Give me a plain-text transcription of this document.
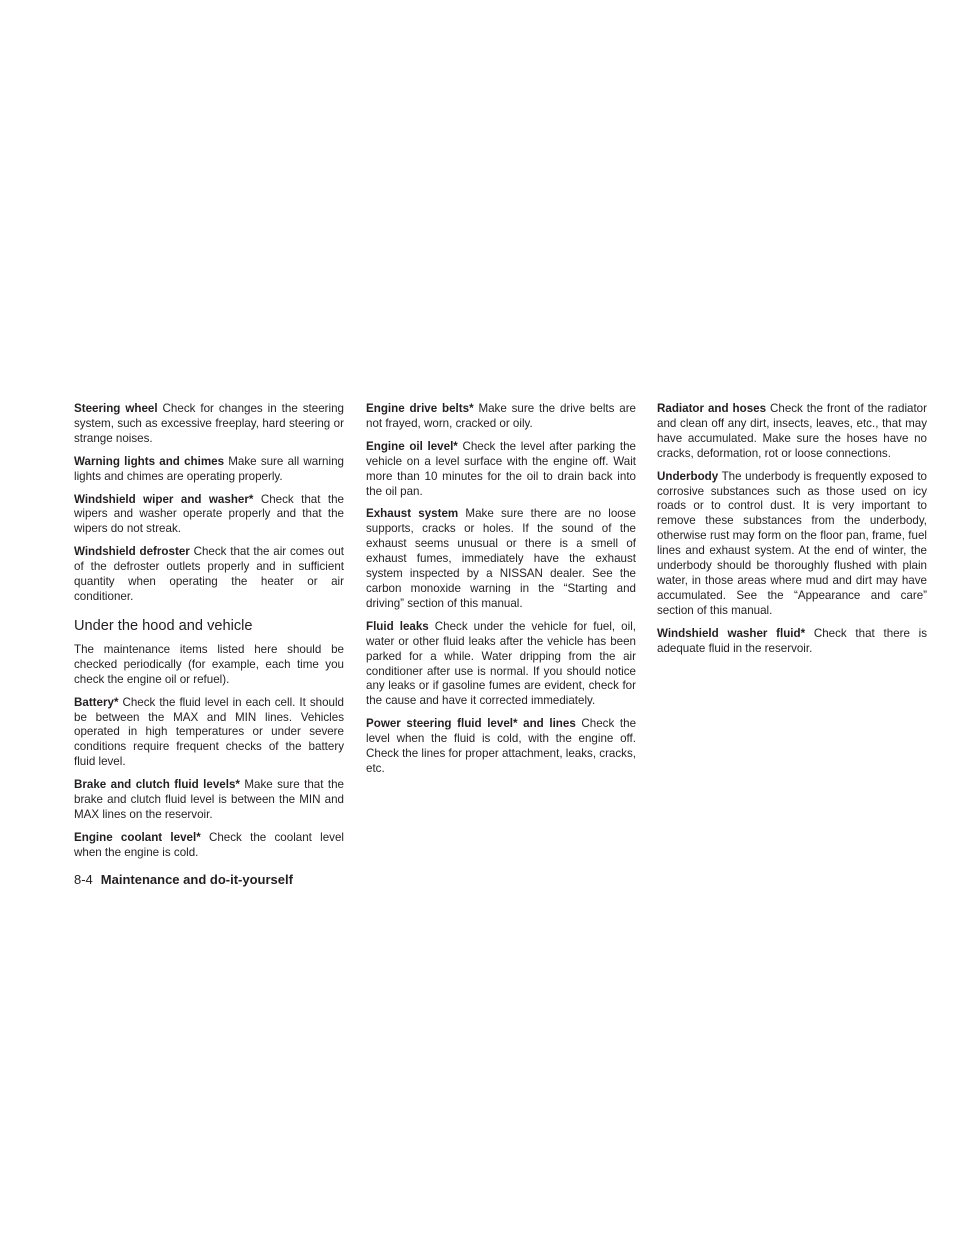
Steering wheel Check for changes in the steering system, such as excessive freeplay, hard steering or strange noises.

Warning lights and chimes Make sure all warning lights and chimes are operating properly.

Windshield wiper and washer* Check that the wipers and washer operate properly and that the wipers do not streak.

Windshield defroster Check that the air comes out of the defroster outlets properly and in sufficient quantity when operating the heater or air conditioner.

Under the hood and vehicle

The maintenance items listed here should be checked periodically (for example, each time you check the engine oil or refuel).

Battery* Check the fluid level in each cell. It should be between the MAX and MIN lines. Vehicles operated in high temperatures or under severe conditions require frequent checks of the battery fluid level.

Brake and clutch fluid levels* Make sure that the brake and clutch fluid level is between the MIN and MAX lines on the reservoir.

Engine coolant level* Check the coolant level when the engine is cold.

Engine drive belts* Make sure the drive belts are not frayed, worn, cracked or oily.

Engine oil level* Check the level after parking the vehicle on a level surface with the engine off. Wait more than 10 minutes for the oil to drain back into the oil pan.

Exhaust system Make sure there are no loose supports, cracks or holes. If the sound of the exhaust seems unusual or there is a smell of exhaust fumes, immediately have the exhaust system inspected by a NISSAN dealer. See the carbon monoxide warning in the “Starting and driving” section of this manual.

Fluid leaks Check under the vehicle for fuel, oil, water or other fluid leaks after the vehicle has been parked for a while. Water dripping from the air conditioner after use is normal. If you should notice any leaks or if gasoline fumes are evident, check for the cause and have it corrected immediately.

Power steering fluid level* and lines Check the level when the fluid is cold, with the engine off. Check the lines for proper attachment, leaks, cracks, etc.

Radiator and hoses Check the front of the radiator and clean off any dirt, insects, leaves, etc., that may have accumulated. Make sure the hoses have no cracks, deformation, rot or loose connections.

Underbody The underbody is frequently exposed to corrosive substances such as those used on icy roads or to control dust. It is very important to remove these substances from the underbody, otherwise rust may form on the floor pan, frame, fuel lines and exhaust system. At the end of winter, the underbody should be thoroughly flushed with plain water, in those areas where mud and dirt may have accumulated. See the “Appearance and care” section of this manual.

Windshield washer fluid* Check that there is adequate fluid in the reservoir.

8-4 Maintenance and do-it-yourself
